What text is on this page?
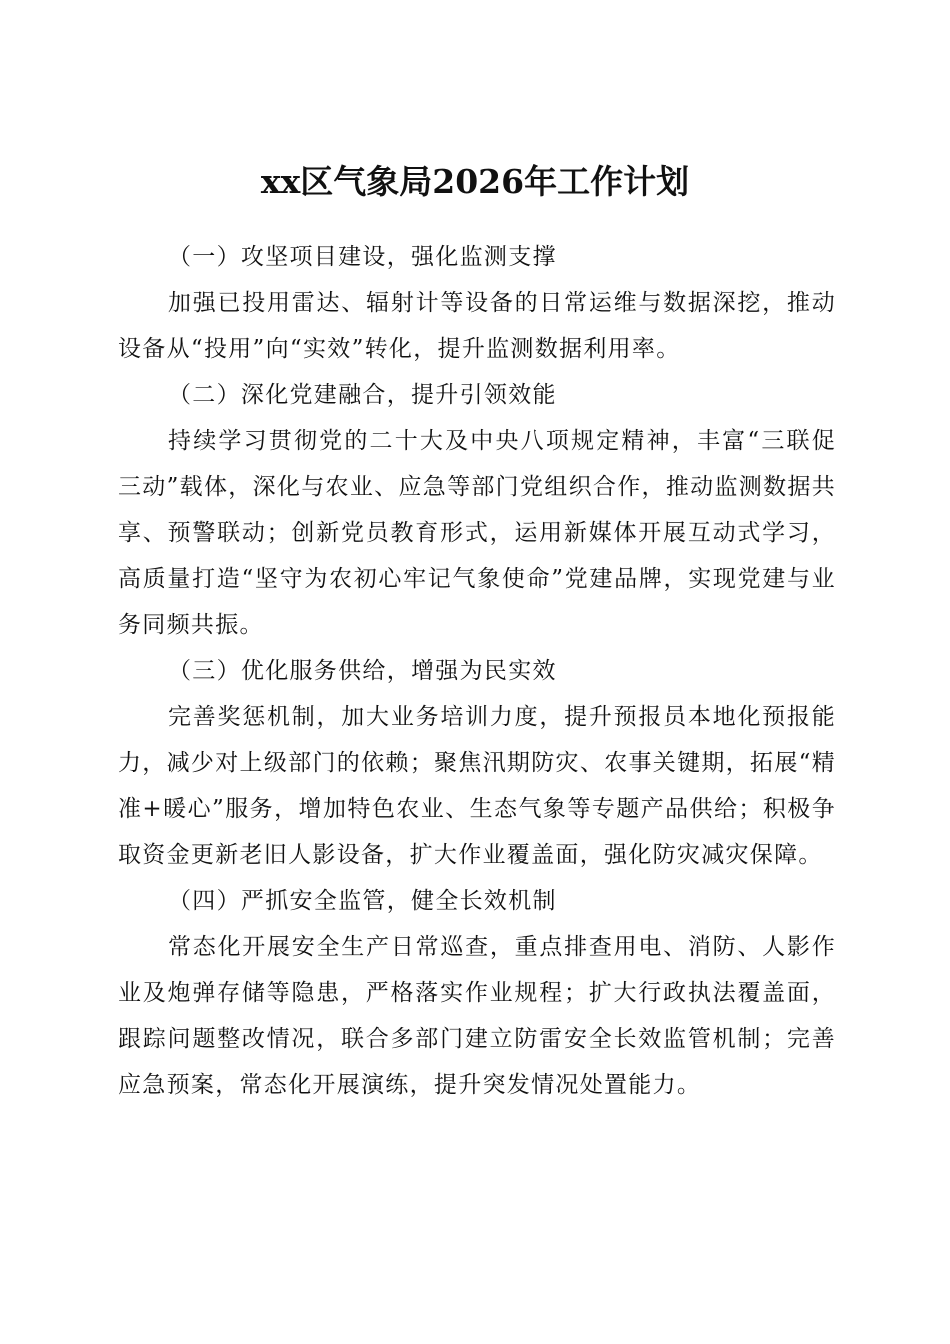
xx区气象局2026年工作计划

（一）攻坚项目建设，强化监测支撑

加强已投用雷达、辐射计等设备的日常运维与数据深挖，推动设备从“投用”向“实效”转化，提升监测数据利用率。

（二）深化党建融合，提升引领效能

持续学习贯彻党的二十大及中央八项规定精神，丰富“三联促三动”载体，深化与农业、应急等部门党组织合作，推动监测数据共享、预警联动；创新党员教育形式，运用新媒体开展互动式学习，高质量打造“坚守为农初心牢记气象使命”党建品牌，实现党建与业务同频共振。

（三）优化服务供给，增强为民实效

完善奖惩机制，加大业务培训力度，提升预报员本地化预报能力，减少对上级部门的依赖；聚焦汛期防灾、农事关键期，拓展“精准+暖心”服务，增加特色农业、生态气象等专题产品供给；积极争取资金更新老旧人影设备，扩大作业覆盖面，强化防灾减灾保障。

（四）严抓安全监管，健全长效机制

常态化开展安全生产日常巡查，重点排查用电、消防、人影作业及炮弹存储等隐患，严格落实作业规程；扩大行政执法覆盖面，跟踪问题整改情况，联合多部门建立防雷安全长效监管机制；完善应急预案，常态化开展演练，提升突发情况处置能力。
